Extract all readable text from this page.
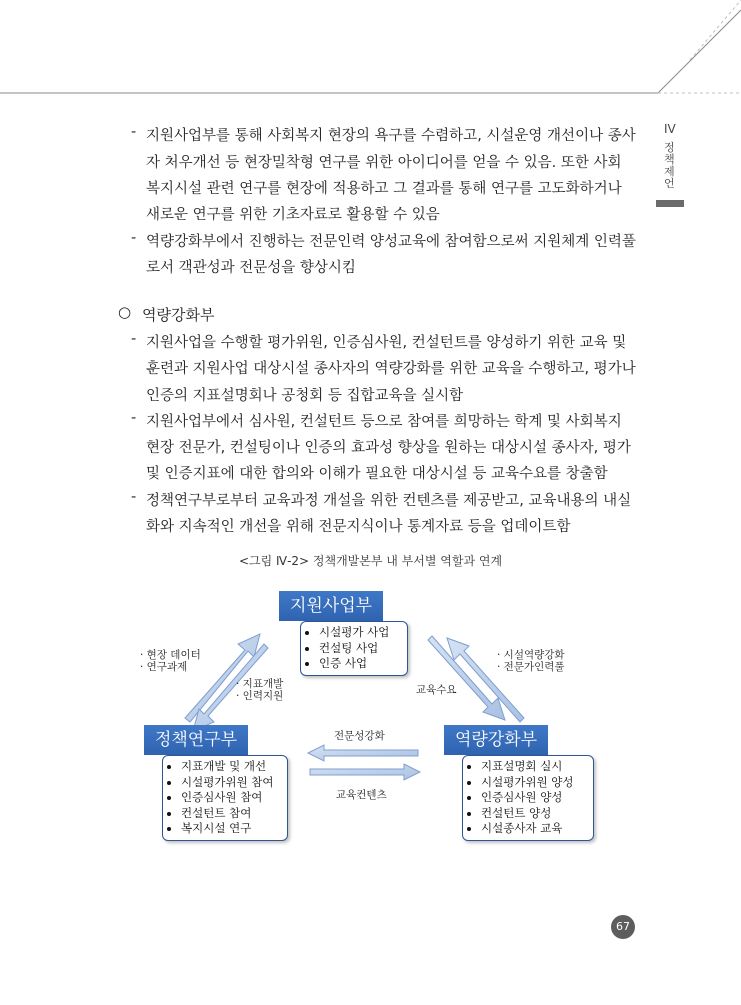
IV
정책제언
- 지원사업부를 통해 사회복지 현장의 욕구를 수렴하고, 시설운영 개선이나 종사
자 처우개선 등 현장밀착형 연구를 위한 아이디어를 얻을 수 있음. 또한 사회
복지시설 관련 연구를 현장에 적용하고 그 결과를 통해 연구를 고도화하거나
새로운 연구를 위한 기초자료로 활용할 수 있음
- 역량강화부에서 진행하는 전문인력 양성교육에 참여함으로써 지원체계 인력풀
로서 객관성과 전문성을 향상시킴
○ 역량강화부
- 지원사업을 수행할 평가위원, 인증심사원, 컨설턴트를 양성하기 위한 교육 및
훈련과 지원사업 대상시설 종사자의 역량강화를 위한 교육을 수행하고, 평가나
인증의 지표설명회나 공청회 등 집합교육을 실시함
- 지원사업부에서 심사원, 컨설턴트 등으로 참여를 희망하는 학계 및 사회복지
현장 전문가, 컨설팅이나 인증의 효과성 향상을 원하는 대상시설 종사자, 평가
및 인증지표에 대한 합의와 이해가 필요한 대상시설 등 교육수요를 창출함
- 정책연구부로부터 교육과정 개설을 위한 컨텐츠를 제공받고, 교육내용의 내실
화와 지속적인 개선을 위해 전문지식이나 통계자료 등을 업데이트함
<그림 Ⅳ-2> 정책개발본부 내 부서별 역할과 연계
지원사업부
• 시설평가 사업
• 컨설팅 사업
• 인증 사업
정책연구부
• 지표개발 및 개선
• 시설평가위원 참여
• 인증심사원 참여
• 컨설턴트 참여
• 복지시설 연구
역량강화부
• 지표설명회 실시
• 시설평가위원 양성
• 인증심사원 양성
• 컨설턴트 양성
• 시설종사자 교육
· 현장 데이터
· 연구과제
· 지표개발
· 인력지원
· 시설역량강화
· 전문가인력풀
교육수요
전문성강화
교육컨텐츠
67
